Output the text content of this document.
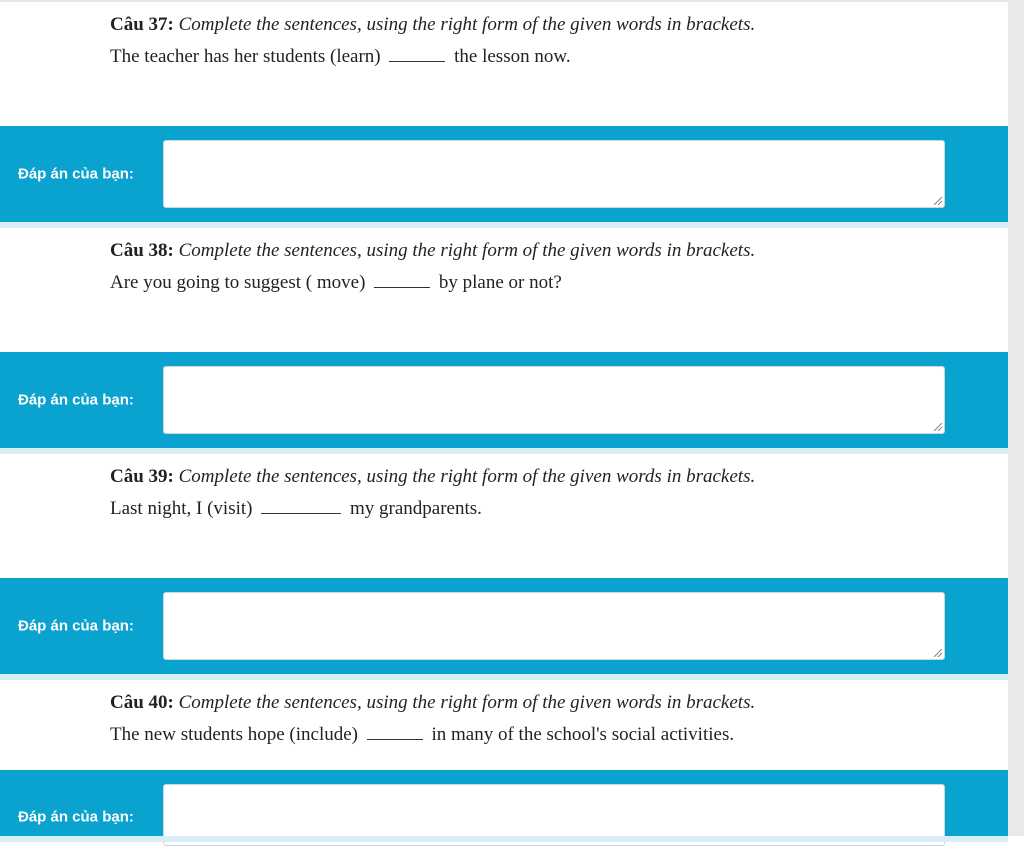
Câu 37: Complete the sentences, using the right form of the given words in brackets.
The teacher has her students (learn)	the lesson now.
Đáp án của bạn:
Câu 38: Complete the sentences, using the right form of the given words in brackets.
Are you going to suggest ( move)	by plane or not?
Đáp án của bạn:
Câu 39: Complete the sentences, using the right form of the given words in brackets.
Last night, I (visit)	my grandparents.
Đáp án của bạn:
Câu 40: Complete the sentences, using the right form of the given words in brackets.
The new students hope (include)	in many of the school's social activities.
Đáp án của bạn:
